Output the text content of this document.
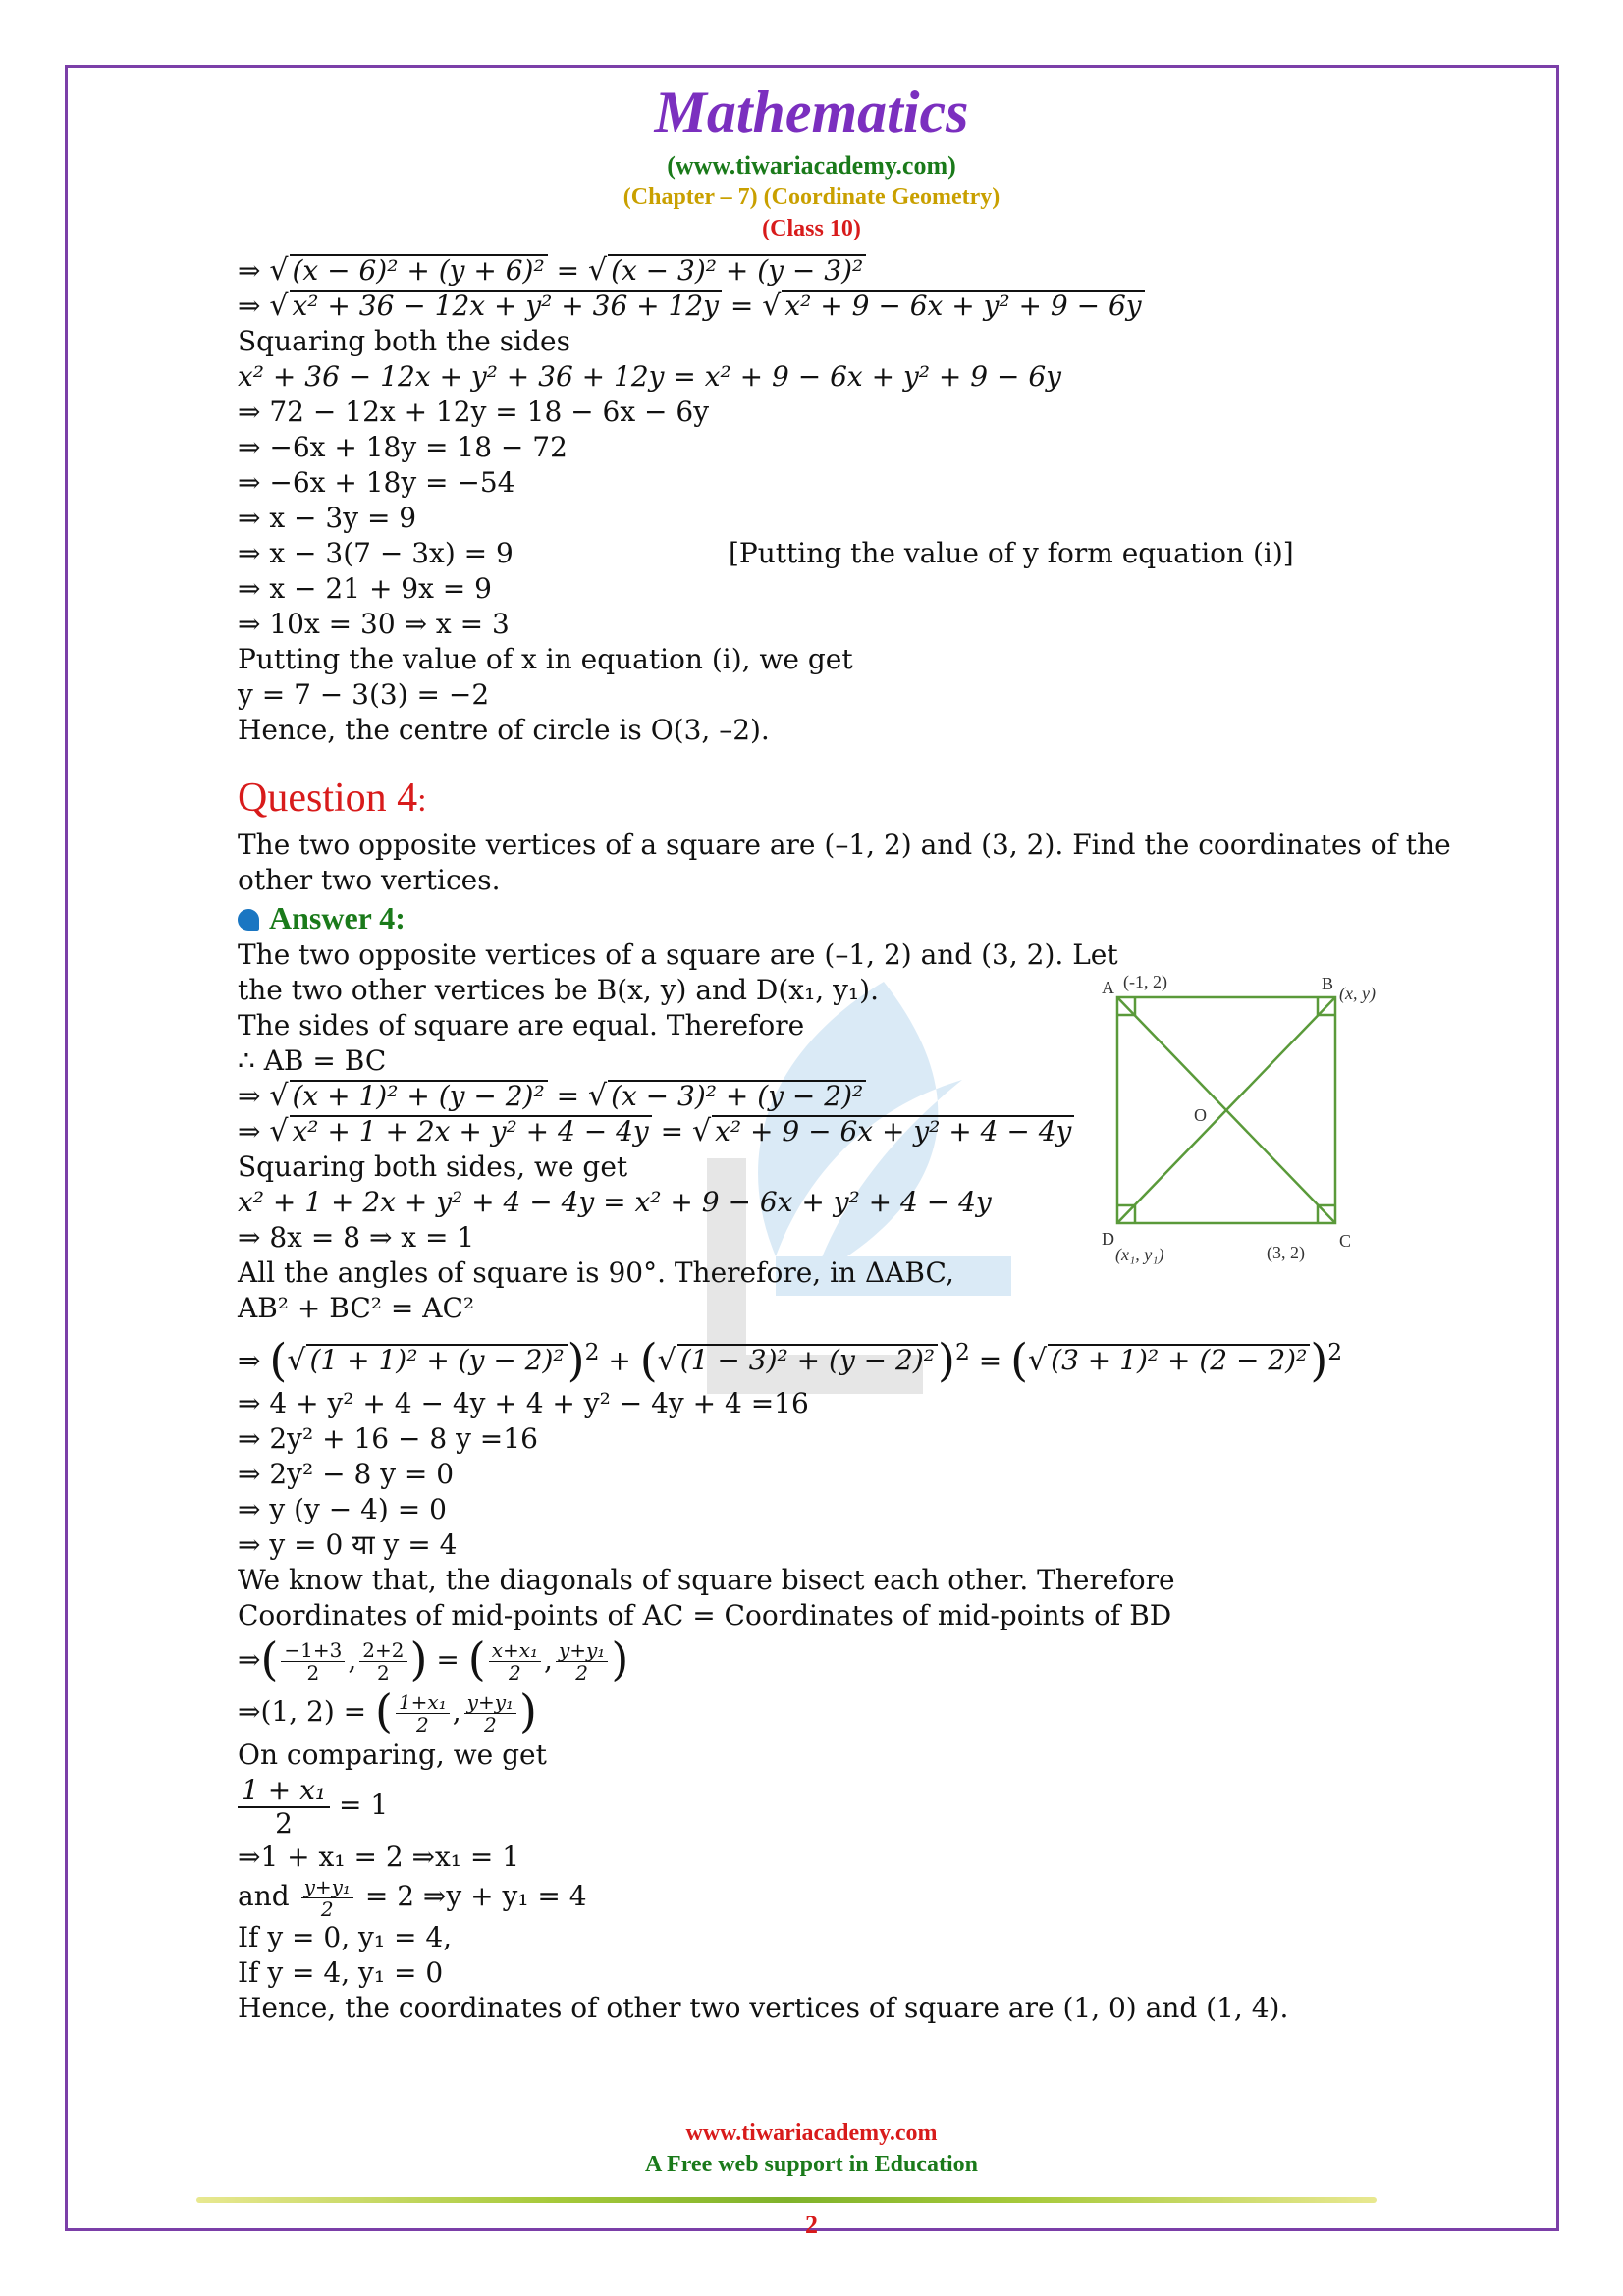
Mathematics
(www.tiwariacademy.com)
(Chapter – 7) (Coordinate Geometry)
(Class 10)
⇒ √ (x − 6)² + (y + 6)² = √ (x − 3)² + (y − 3)²
⇒ √ x² + 36 − 12x + y² + 36 + 12y = √ x² + 9 − 6x + y² + 9 − 6y
Squaring both the sides
x² + 36 − 12x + y² + 36 + 12y = x² + 9 − 6x + y² + 9 − 6y
⇒ 72 − 12x + 12y = 18 − 6x − 6y
⇒ −6x + 18y = 18 − 72
⇒ −6x + 18y = −54
⇒ x − 3y = 9
⇒ x − 3(7 − 3x) = 9	[Putting the value of y form equation (i)]
⇒ x − 21 + 9x = 9
⇒ 10x = 30 ⇒ x = 3
Putting the value of x in equation (i), we get
y = 7 − 3(3) = −2
Hence, the centre of circle is O(3, –2).
Question 4:
The two opposite vertices of a square are (–1, 2) and (3, 2). Find the coordinates of the
other two vertices.
Answer 4:
The two opposite vertices of a square are (–1, 2) and (3, 2). Let
the two other vertices be B(x, y) and D(x₁, y₁).
The sides of square are equal. Therefore
∴ AB = BC
⇒ √ (x + 1)² + (y − 2)² = √ (x − 3)² + (y − 2)²
⇒ √ x² + 1 + 2x + y² + 4 − 4y = √ x² + 9 − 6x + y² + 4 − 4y
Squaring both sides, we get
x² + 1 + 2x + y² + 4 − 4y = x² + 9 − 6x + y² + 4 − 4y
⇒ 8x = 8 ⇒ x = 1
All the angles of square is 90°. Therefore, in ΔABC,
AB² + BC² = AC²
⇒ (√ (1 + 1)² + (y − 2)²)$^2$ + (√ (1 − 3)² + (y − 2)²)$^2$ = (√ (3 + 1)² + (2 − 2)²)$^2$
⇒ 4 + y² + 4 − 4y + 4 + y² − 4y + 4 =16
⇒ 2y² + 16 − 8 y =16
⇒ 2y² − 8 y = 0
⇒ y (y − 4) = 0
⇒ y = 0 या y = 4
We know that, the diagonals of square bisect each other. Therefore
Coordinates of mid-points of AC = Coordinates of mid-points of BD
⇒( $\frac{-1+3}{2}$ , $\frac{2+2}{2}$ ) = ( $\frac{\text{x+x₁}}{2}$ , $\frac{\text{y+y₁}}{2}$ )
⇒(1, 2) = ( $\frac{\text{1+x₁}}{2}$ , $\frac{\text{y+y₁}}{2}$ )
On comparing, we get
$\frac{\text{1 + x₁}}{2} = 1$
⇒1 + x₁ = 2 ⇒x₁ = 1
and $\frac{\text{y+y₁}}{2} = 2$ ⇒y + y₁ = 4
If y = 0, y₁ = 4,
If y = 4, y₁ = 0
Hence, the coordinates of other two vertices of square are (1, 0) and (1, 4).
A (-1, 2)	B (x, y)
C
(3, 2)
D
(x₁, y₁)
O
www.tiwariacademy.com
A Free web support in Education
2
